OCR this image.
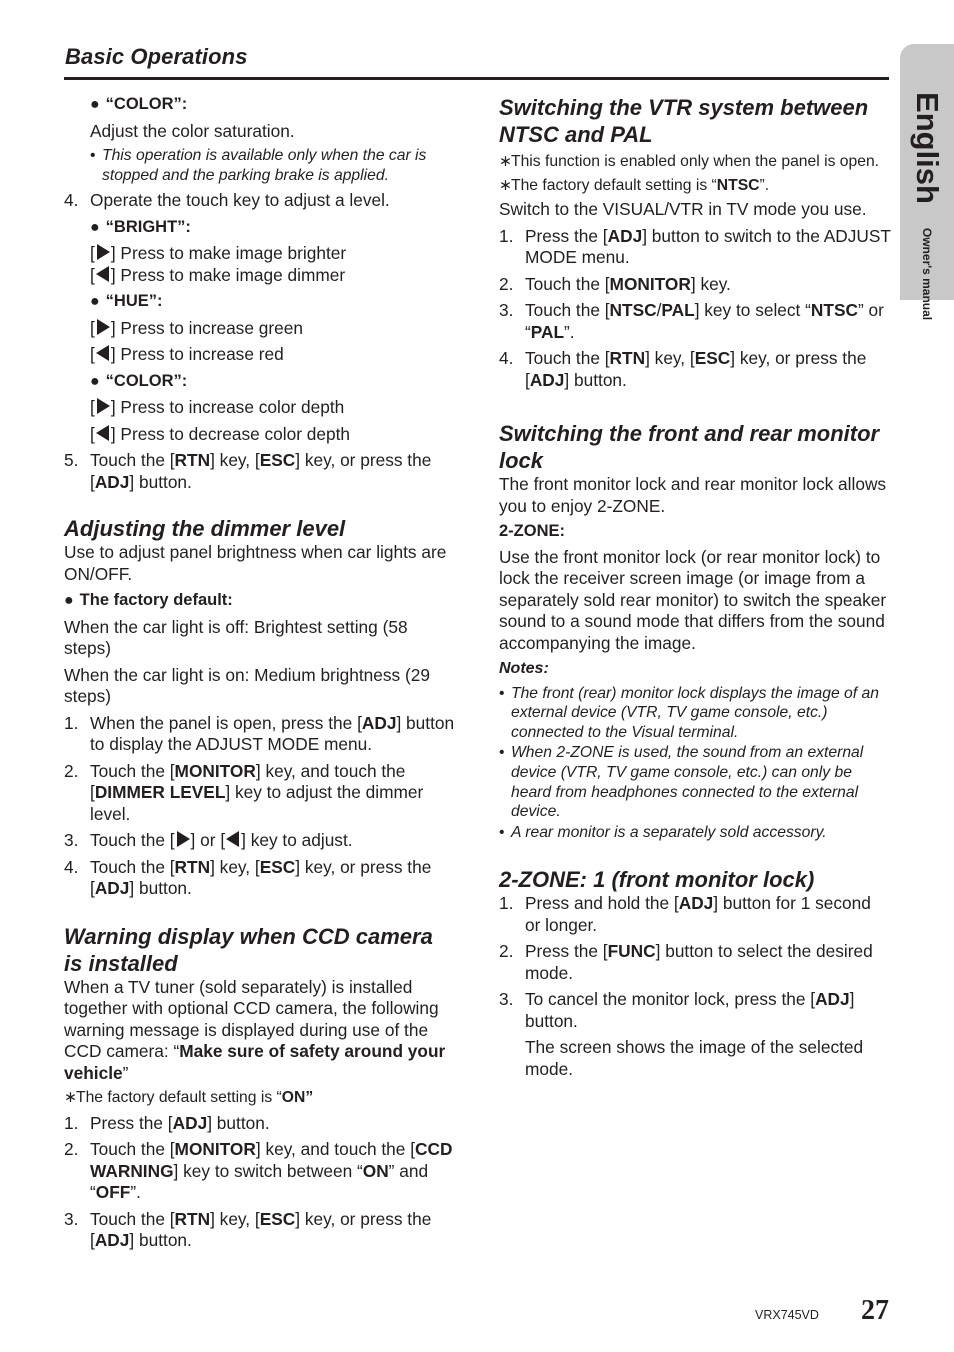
Basic Operations
English
Owner's manual

● “COLOR”:

Adjust the color saturation.

• This operation is available only when the car is stopped and the parking brake is applied.

4. Operate the touch key to adjust a level.

● “BRIGHT”:

[ ] Press to make image brighter

[ ] Press to make image dimmer

● “HUE”:

[ ] Press to increase green

[ ] Press to increase red

● “COLOR”:

[ ] Press to increase color depth

[ ] Press to decrease color depth

5. Touch the [RTN] key, [ESC] key, or press the [ADJ] button.
Adjusting the dimmer level

Use to adjust panel brightness when car lights are ON/OFF.

● The factory default:

When the car light is off: Brightest setting (58 steps)

When the car light is on: Medium brightness (29 steps)

1. When the panel is open, press the [ADJ] button to display the ADJUST MODE menu.
2. Touch the [MONITOR] key, and touch the [DIMMER LEVEL] key to adjust the dimmer level.
3. Touch the [ ] or [ ] key to adjust.
4. Touch the [RTN] key, [ESC] key, or press the [ADJ] button.
Warning display when CCD camera is installed

When a TV tuner (sold separately) is installed together with optional CCD camera, the following warning message is displayed during use of the CCD camera: “Make sure of safety around your vehicle”

∗ The factory default setting is “ON”

1. Press the [ADJ] button.
2. Touch the [MONITOR] key, and touch the [CCD WARNING] key to switch between “ON” and “OFF”.
3. Touch the [RTN] key, [ESC] key, or press the [ADJ] button.
Switching the VTR system between NTSC and PAL

∗ This function is enabled only when the panel is open.

∗ The factory default setting is “NTSC”.

Switch to the VISUAL/VTR in TV mode you use.

1. Press the [ADJ] button to switch to the ADJUST MODE menu.
2. Touch the [MONITOR] key.
3. Touch the [NTSC/PAL] key to select “NTSC” or “PAL”.
4. Touch the [RTN] key, [ESC] key, or press the [ADJ] button.
Switching the front and rear monitor lock

The front monitor lock and rear monitor lock allows you to enjoy 2-ZONE.

2-ZONE:

Use the front monitor lock (or rear monitor lock) to lock the receiver screen image (or image from a separately sold rear monitor) to switch the speaker sound to a sound mode that differs from the sound accompanying the image.

Notes:

• The front (rear) monitor lock displays the image of an external device (VTR, TV game console, etc.) connected to the Visual terminal.

• When 2-ZONE is used, the sound from an external device (VTR, TV game console, etc.) can only be heard from headphones connected to the external device.

• A rear monitor is a separately sold accessory.

2-ZONE: 1 (front monitor lock)
1. Press and hold the [ADJ] button for 1 second or longer.
2. Press the [FUNC] button to select the desired mode.
3. To cancel the monitor lock, press the [ADJ] button.

The screen shows the image of the selected mode.

VRX745VD 27
